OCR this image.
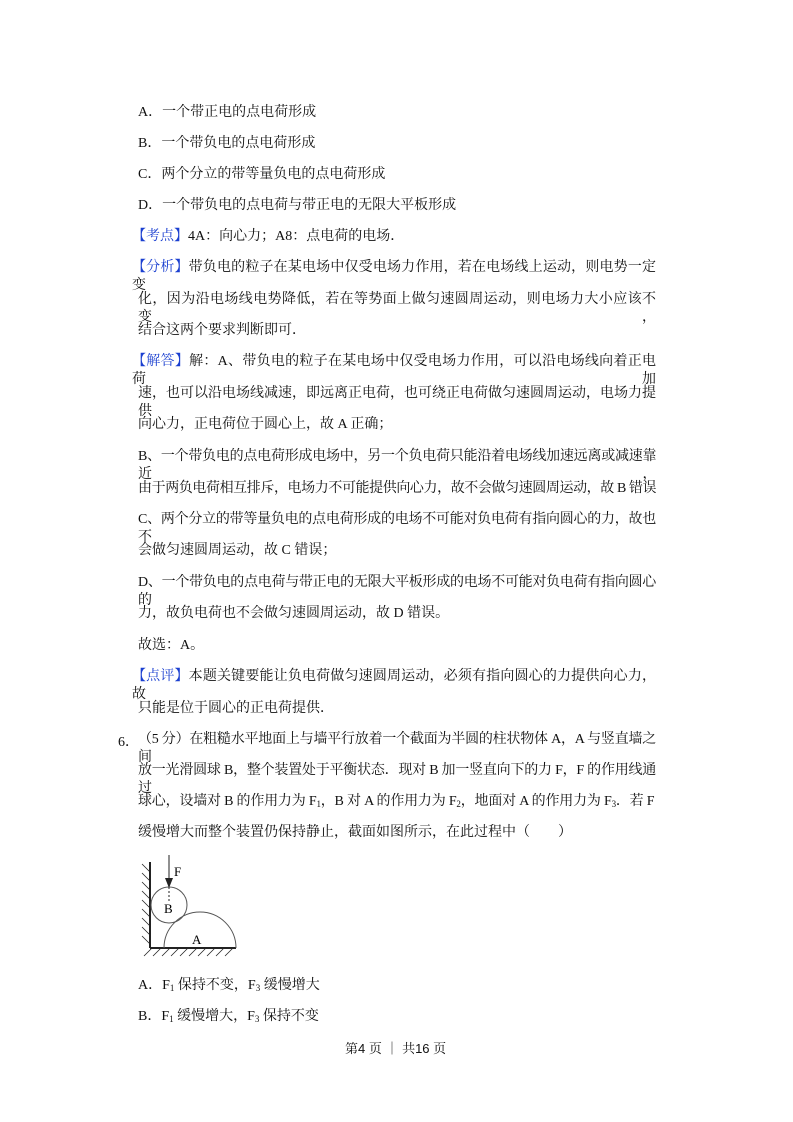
A．一个带正电的点电荷形成
B．一个带负电的点电荷形成
C．两个分立的带等量负电的点电荷形成
D．一个带负电的点电荷与带正电的无限大平板形成
【考点】4A：向心力；A8：点电荷的电场．
【分析】带负电的粒子在某电场中仅受电场力作用，若在电场线上运动，则电势一定变
化，因为沿电场线电势降低，若在等势面上做匀速圆周运动，则电场力大小应该不变，
结合这两个要求判断即可．
【解答】解：A、带负电的粒子在某电场中仅受电场力作用，可以沿电场线向着正电荷加
速，也可以沿电场线减速，即远离正电荷，也可绕正电荷做匀速圆周运动，电场力提供
向心力，正电荷位于圆心上，故 A 正确；
B、一个带负电的点电荷形成电场中，另一个负电荷只能沿着电场线加速远离或减速靠近，
由于两负电荷相互排斥，电场力不可能提供向心力，故不会做匀速圆周运动，故 B 错误
C、两个分立的带等量负电的点电荷形成的电场不可能对负电荷有指向圆心的力，故也不
会做匀速圆周运动，故 C 错误；
D、一个带负电的点电荷与带正电的无限大平板形成的电场不可能对负电荷有指向圆心的
力，故负电荷也不会做匀速圆周运动，故 D 错误。
故选：A。
【点评】本题关键要能让负电荷做匀速圆周运动，必须有指向圆心的力提供向心力，故
只能是位于圆心的正电荷提供．
6． （5 分）在粗糙水平地面上与墙平行放着一个截面为半圆的柱状物体 A，A 与竖直墙之间
放一光滑圆球 B，整个装置处于平衡状态．现对 B 加一竖直向下的力 F，F 的作用线通过
球心，设墙对 B 的作用力为 $F_1$，B 对 A 的作用力为 $F_2$，地面对 A 的作用力为 $F_3$．若 F
缓慢增大而整个装置仍保持静止，截面如图所示，在此过程中（　　）
F
B
A
A．$F_1$ 保持不变，$F_3$ 缓慢增大
B．$F_1$ 缓慢增大，$F_3$ 保持不变
第4 页 ｜ 共16 页
